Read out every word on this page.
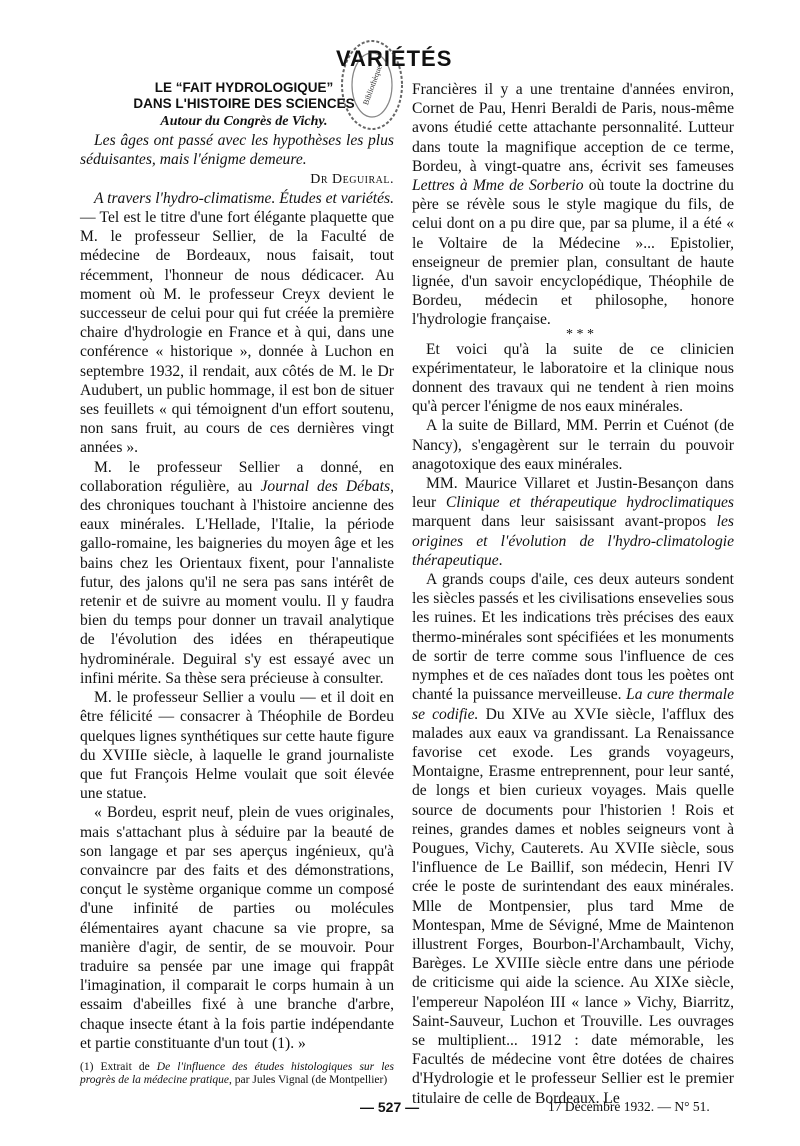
VARIÉTÉS
Bibliothèque

LE “FAIT HYDROLOGIQUE”

DANS L'HISTOIRE DES SCIENCES

Autour du Congrès de Vichy.

Les âges ont passé avec les hypothèses les plus séduisantes, mais l'énigme demeure.

Dr Deguiral.

A travers l'hydro-climatisme. Études et variétés. — Tel est le titre d'une fort élégante plaquette que M. le professeur Sellier, de la Faculté de médecine de Bordeaux, nous faisait, tout récemment, l'honneur de nous dédicacer. Au moment où M. le professeur Creyx devient le successeur de celui pour qui fut créée la première chaire d'hydrologie en France et à qui, dans une conférence « historique », donnée à Luchon en septembre 1932, il rendait, aux côtés de M. le Dr Audubert, un public hommage, il est bon de situer ses feuillets « qui témoignent d'un effort soutenu, non sans fruit, au cours de ces dernières vingt années ».

M. le professeur Sellier a donné, en collaboration régulière, au Journal des Débats, des chroniques touchant à l'histoire ancienne des eaux minérales. L'Hellade, l'Italie, la période gallo-romaine, les baigneries du moyen âge et les bains chez les Orientaux fixent, pour l'annaliste futur, des jalons qu'il ne sera pas sans intérêt de retenir et de suivre au moment voulu. Il y faudra bien du temps pour donner un travail analytique de l'évolution des idées en thérapeutique hydrominérale. Deguiral s'y est essayé avec un infini mérite. Sa thèse sera précieuse à consulter.

M. le professeur Sellier a voulu — et il doit en être félicité — consacrer à Théophile de Bordeu quelques lignes synthétiques sur cette haute figure du XVIIIe siècle, à laquelle le grand journaliste que fut François Helme voulait que soit élevée une statue.

« Bordeu, esprit neuf, plein de vues originales, mais s'attachant plus à séduire par la beauté de son langage et par ses aperçus ingénieux, qu'à convaincre par des faits et des démonstrations, conçut le système organique comme un composé d'une infinité de parties ou molécules élémentaires ayant chacune sa vie propre, sa manière d'agir, de sentir, de se mouvoir. Pour traduire sa pensée par une image qui frappât l'imagination, il comparait le corps humain à un essaim d'abeilles fixé à une branche d'arbre, chaque insecte étant à la fois partie indépendante et partie constituante d'un tout (1). »

(1) Extrait de De l'influence des études histologiques sur les progrès de la médecine pratique, par Jules Vignal (de Montpellier)

Francières il y a une trentaine d'années environ, Cornet de Pau, Henri Beraldi de Paris, nous-même avons étudié cette attachante personnalité. Lutteur dans toute la magnifique acception de ce terme, Bordeu, à vingt-quatre ans, écrivit ses fameuses Lettres à Mme de Sorberio où toute la doctrine du père se révèle sous le style magique du fils, de celui dont on a pu dire que, par sa plume, il a été « le Voltaire de la Médecine »... Epistolier, enseigneur de premier plan, consultant de haute lignée, d'un savoir encyclopédique, Théophile de Bordeu, médecin et philosophe, honore l'hydrologie française.

* * *

Et voici qu'à la suite de ce clinicien expérimentateur, le laboratoire et la clinique nous donnent des travaux qui ne tendent à rien moins qu'à percer l'énigme de nos eaux minérales.

A la suite de Billard, MM. Perrin et Cuénot (de Nancy), s'engagèrent sur le terrain du pouvoir anagotoxique des eaux minérales.

MM. Maurice Villaret et Justin-Besançon dans leur Clinique et thérapeutique hydroclimatiques marquent dans leur saisissant avant-propos les origines et l'évolution de l'hydro-climatologie thérapeutique.

A grands coups d'aile, ces deux auteurs sondent les siècles passés et les civilisations ensevelies sous les ruines. Et les indications très précises des eaux thermo-minérales sont spécifiées et les monuments de sortir de terre comme sous l'influence de ces nymphes et de ces naïades dont tous les poètes ont chanté la puissance merveilleuse. La cure thermale se codifie. Du XIVe au XVIe siècle, l'afflux des malades aux eaux va grandissant. La Renaissance favorise cet exode. Les grands voyageurs, Montaigne, Erasme entreprennent, pour leur santé, de longs et bien curieux voyages. Mais quelle source de documents pour l'historien ! Rois et reines, grandes dames et nobles seigneurs vont à Pougues, Vichy, Cauterets. Au XVIIe siècle, sous l'influence de Le Baillif, son médecin, Henri IV crée le poste de surintendant des eaux minérales. Mlle de Montpensier, plus tard Mme de Montespan, Mme de Sévigné, Mme de Maintenon illustrent Forges, Bourbon-l'Archambault, Vichy, Barèges. Le XVIIIe siècle entre dans une période de criticisme qui aide la science. Au XIXe siècle, l'empereur Napoléon III « lance » Vichy, Biarritz, Saint-Sauveur, Luchon et Trouville. Les ouvrages se multiplient... 1912 : date mémorable, les Facultés de médecine vont être dotées de chaires d'Hydrologie et le professeur Sellier est le premier titulaire de celle de Bordeaux. Le

— 527 —	17 Décembre 1932. — N° 51.
